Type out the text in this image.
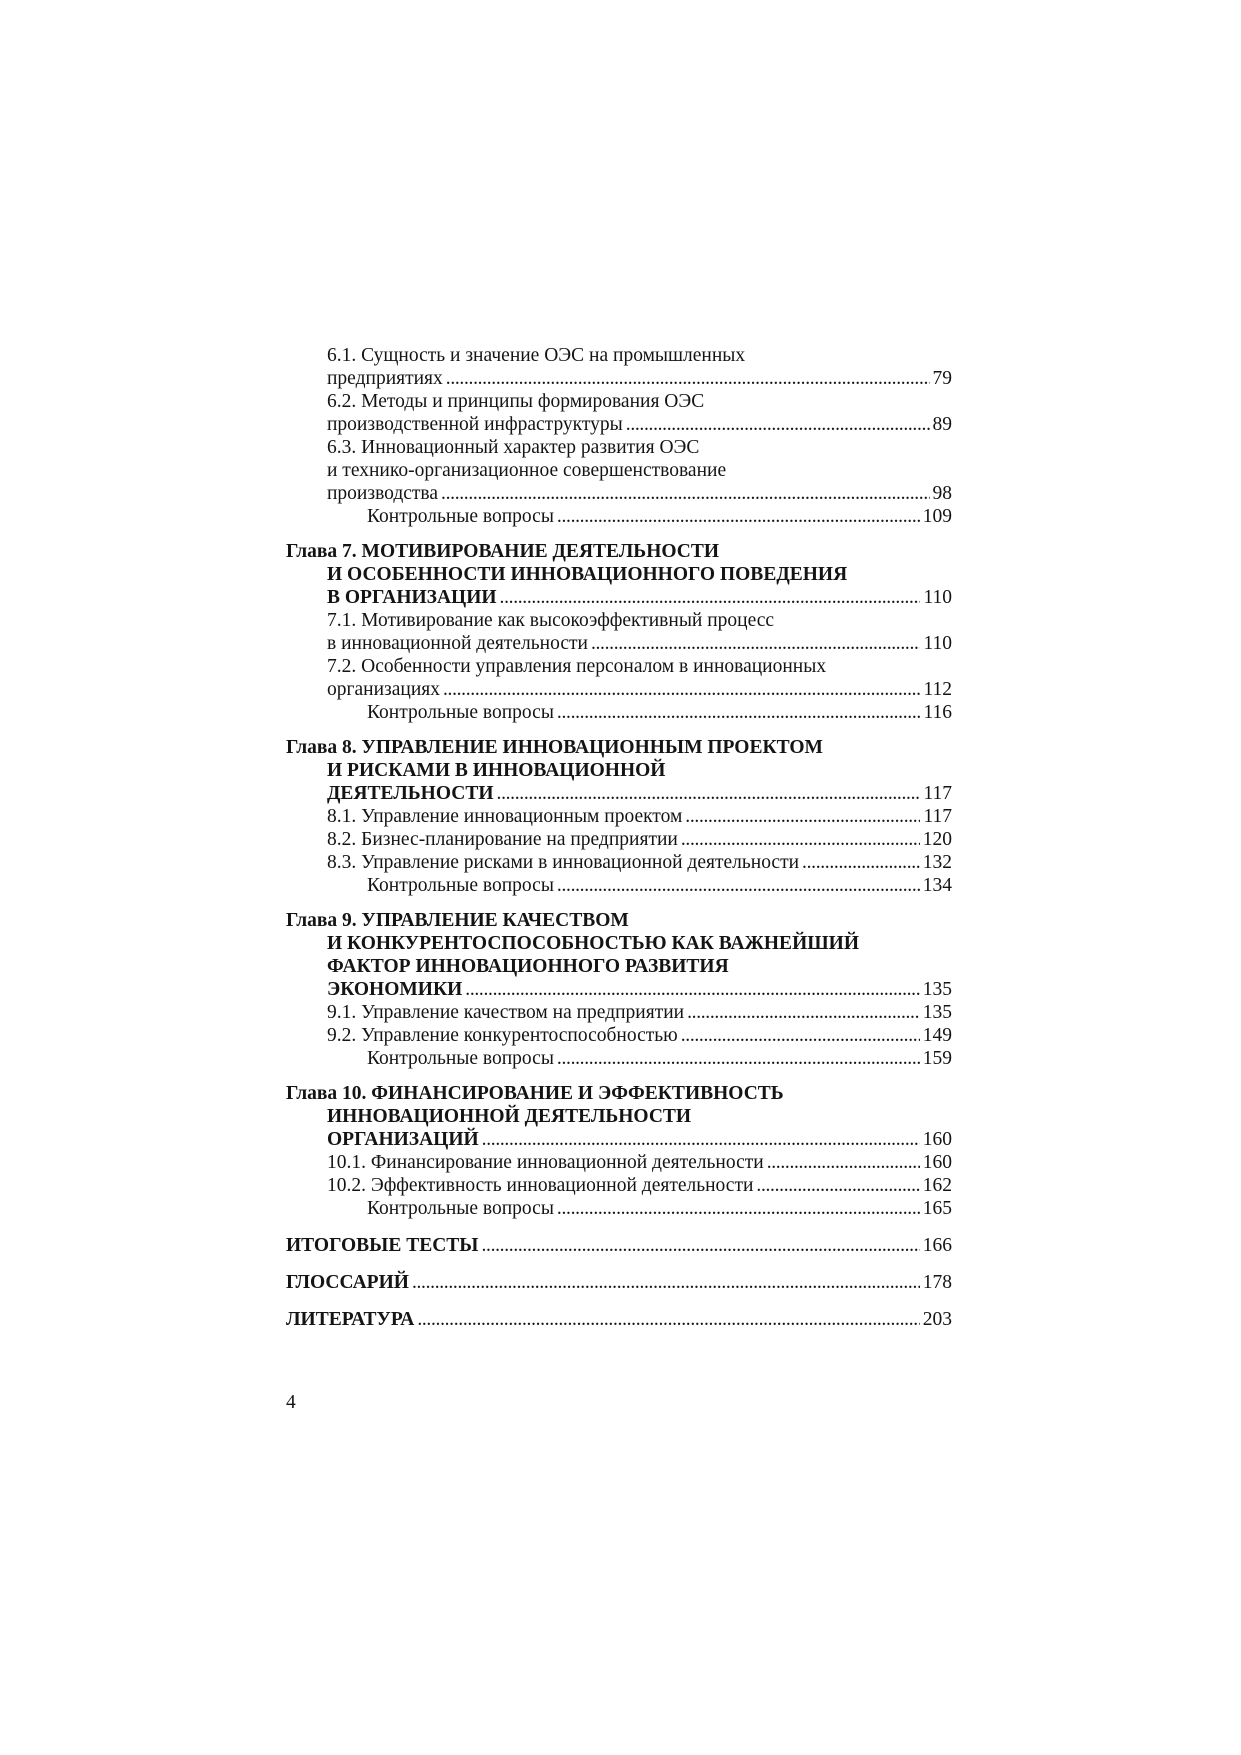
6.1. Сущность и значение ОЭС на промышленных
предприятиях . . .	79
6.2. Методы и принципы формирования ОЭС
производственной инфраструктуры . . .	89
6.3. Инновационный характер развития ОЭС
и технико-организационное совершенствование
производства . . .	98
Контрольные вопросы . . .	109
Глава 7. МОТИВИРОВАНИЕ ДЕЯТЕЛЬНОСТИ
И ОСОБЕННОСТИ ИННОВАЦИОННОГО ПОВЕДЕНИЯ
В ОРГАНИЗАЦИИ . . .	110
7.1. Мотивирование как высокоэффективный процесс
в инновационной деятельности . . .	110
7.2. Особенности управления персоналом в инновационных
организациях . . .	112
Контрольные вопросы . . .	116
Глава 8. УПРАВЛЕНИЕ ИННОВАЦИОННЫМ ПРОЕКТОМ
И РИСКАМИ В ИННОВАЦИОННОЙ
ДЕЯТЕЛЬНОСТИ . . .	117
8.1. Управление инновационным проектом . . .	117
8.2. Бизнес-планирование на предприятии . . .	120
8.3. Управление рисками в инновационной деятельности . . .	132
Контрольные вопросы . . .	134
Глава 9. УПРАВЛЕНИЕ КАЧЕСТВОМ
И КОНКУРЕНТОСПОСОБНОСТЬЮ КАК ВАЖНЕЙШИЙ
ФАКТОР ИННОВАЦИОННОГО РАЗВИТИЯ
ЭКОНОМИКИ . . .	135
9.1. Управление качеством на предприятии . . .	135
9.2. Управление конкурентоспособностью . . .	149
Контрольные вопросы . . .	159
Глава 10. ФИНАНСИРОВАНИЕ И ЭФФЕКТИВНОСТЬ
ИННОВАЦИОННОЙ ДЕЯТЕЛЬНОСТИ
ОРГАНИЗАЦИЙ . . .	160
10.1. Финансирование инновационной деятельности . . .	160
10.2. Эффективность инновационной деятельности . . .	162
Контрольные вопросы . . .	165
ИТОГОВЫЕ ТЕСТЫ . . .	166
ГЛОССАРИЙ . . .	178
ЛИТЕРАТУРА . . .	203
4
